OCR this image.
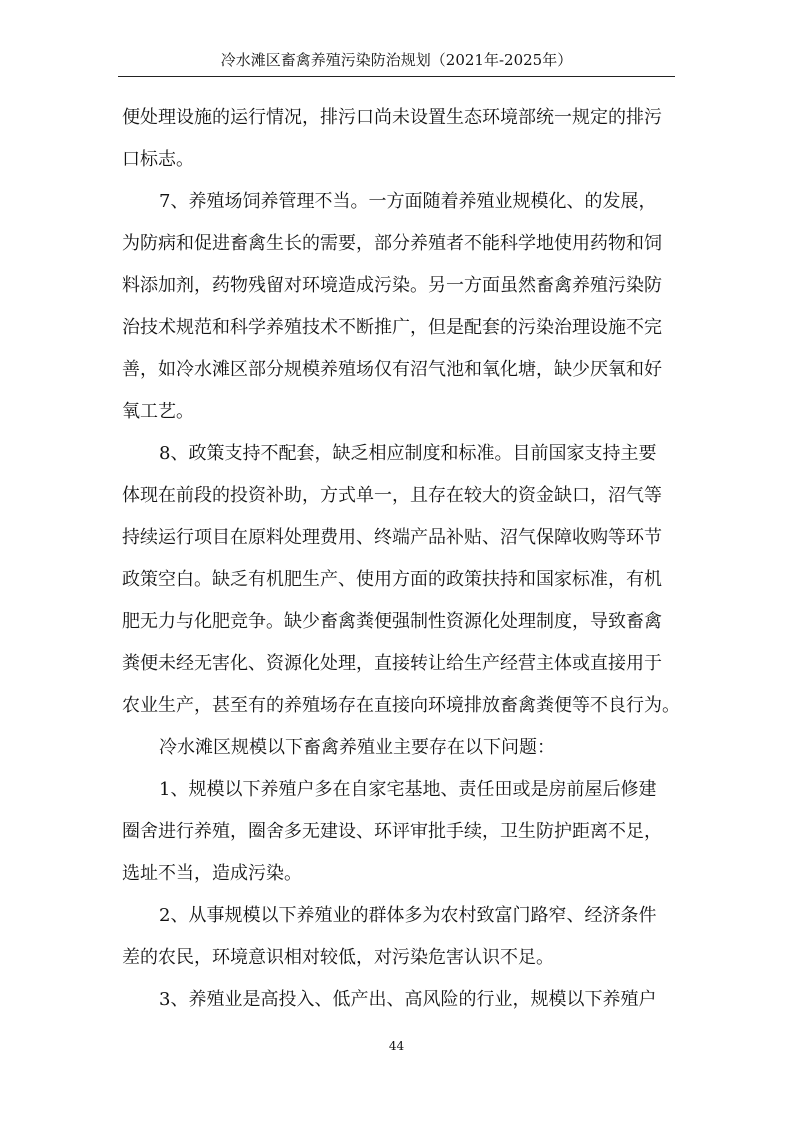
冷水滩区畜禽养殖污染防治规划（2021年-2025年）
便处理设施的运行情况，排污口尚未设置生态环境部统一规定的排污
口标志。
7、养殖场饲养管理不当。一方面随着养殖业规模化、的发展，
为防病和促进畜禽生长的需要，部分养殖者不能科学地使用药物和饲
料添加剂，药物残留对环境造成污染。另一方面虽然畜禽养殖污染防
治技术规范和科学养殖技术不断推广，但是配套的污染治理设施不完
善，如冷水滩区部分规模养殖场仅有沼气池和氧化塘，缺少厌氧和好
氧工艺。
8、政策支持不配套，缺乏相应制度和标准。目前国家支持主要
体现在前段的投资补助，方式单一，且存在较大的资金缺口，沼气等
持续运行项目在原料处理费用、终端产品补贴、沼气保障收购等环节
政策空白。缺乏有机肥生产、使用方面的政策扶持和国家标准，有机
肥无力与化肥竞争。缺少畜禽粪便强制性资源化处理制度，导致畜禽
粪便未经无害化、资源化处理，直接转让给生产经营主体或直接用于
农业生产，甚至有的养殖场存在直接向环境排放畜禽粪便等不良行为。
冷水滩区规模以下畜禽养殖业主要存在以下问题：
1、规模以下养殖户多在自家宅基地、责任田或是房前屋后修建
圈舍进行养殖，圈舍多无建设、环评审批手续，卫生防护距离不足，
选址不当，造成污染。
2、从事规模以下养殖业的群体多为农村致富门路窄、经济条件
差的农民，环境意识相对较低，对污染危害认识不足。
3、养殖业是高投入、低产出、高风险的行业，规模以下养殖户
44
